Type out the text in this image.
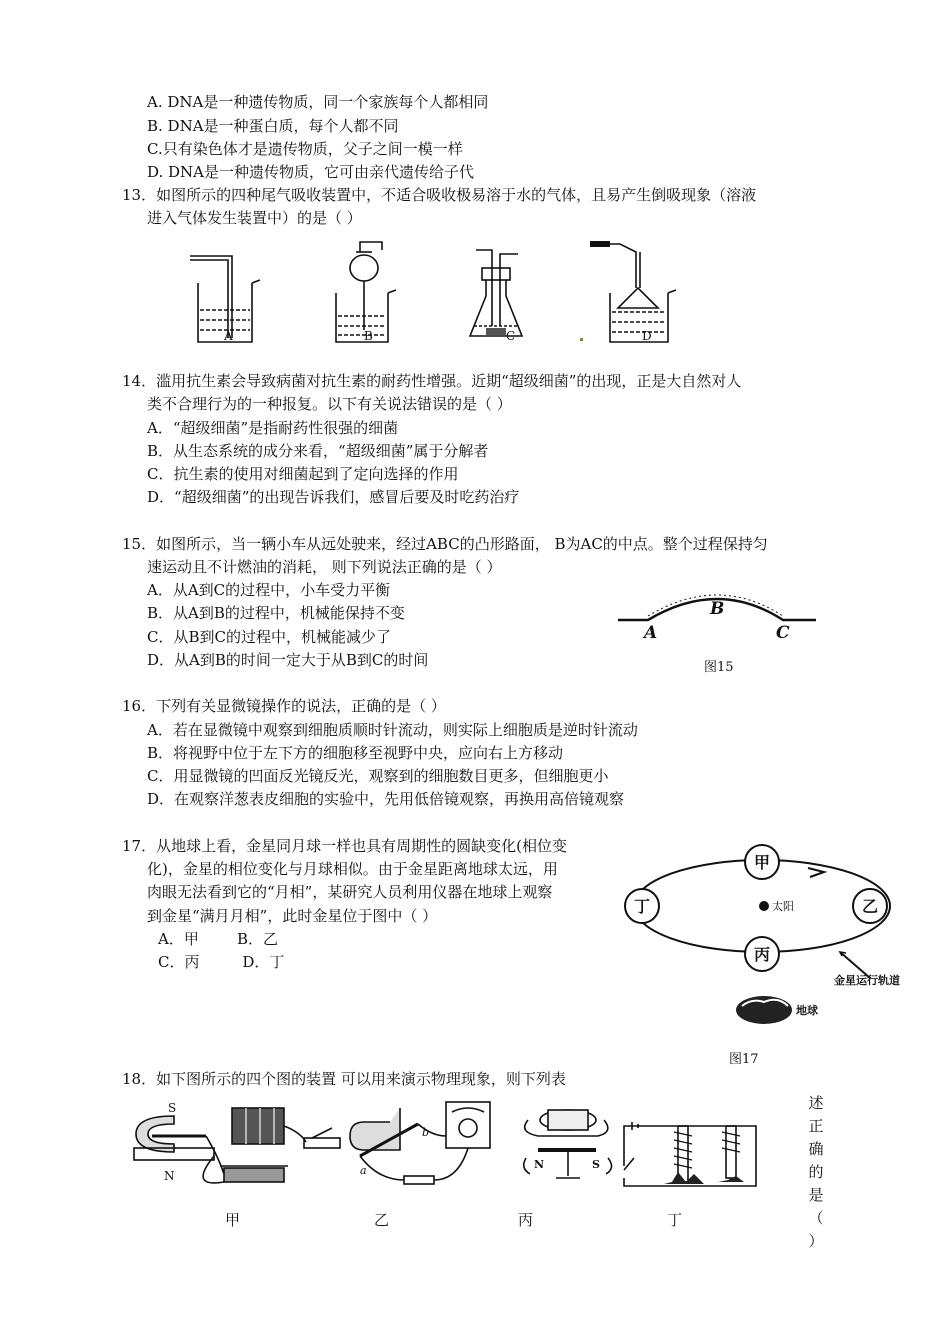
A. DNA是一种遗传物质，同一个家族每个人都相同
B. DNA是一种蛋白质，每个人都不同
C.只有染色体才是遗传物质，父子之间一模一样
D. DNA是一种遗传物质，它可由亲代遗传给子代
13．如图所示的四种尾气吸收装置中，不适合吸收极易溶于水的气体，且易产生倒吸现象（溶液
进入气体发生装置中）的是（ ）
A	B	C	D
14．滥用抗生素会导致病菌对抗生素的耐药性增强。近期“超级细菌”的出现，正是大自然对人
类不合理行为的一种报复。以下有关说法错误的是（ ）
A．“超级细菌”是指耐药性很强的细菌
B．从生态系统的成分来看，“超级细菌”属于分解者
C．抗生素的使用对细菌起到了定向选择的作用
D．“超级细菌”的出现告诉我们，感冒后要及时吃药治疗
15．如图所示，当一辆小车从远处驶来，经过ABC的凸形路面， B为AC的中点。整个过程保持匀
速运动且不计燃油的消耗， 则下列说法正确的是（ ）
A．从A到C的过程中，小车受力平衡
B．从A到B的过程中，机械能保持不变
C．从B到C的过程中，机械能减少了
D．从A到B的时间一定大于从B到C的时间
A
B
C
图15
16．下列有关显微镜操作的说法，正确的是（ ）
A．若在显微镜中观察到细胞质顺时针流动，则实际上细胞质是逆时针流动
B．将视野中位于左下方的细胞移至视野中央，应向右上方移动
C．用显微镜的凹面反光镜反光，观察到的细胞数目更多，但细胞更小
D．在观察洋葱表皮细胞的实验中，先用低倍镜观察，再换用高倍镜观察
17．从地球上看，金星同月球一样也具有周期性的圆缺变化(相位变
化)，金星的相位变化与月球相似。由于金星距离地球太远，用
肉眼无法看到它的“月相”，某研究人员利用仪器在地球上观察
到金星“满月月相”，此时金星位于图中（ ）
A．甲        B．乙
C．丙         D．丁
甲
乙
丙
丁	太阳
金星运行轨道
地球
图17
18．如下图所示的四个图的装置 可以用来演示物理现象，则下列表
S
N	a
b
N	S
甲	乙	丙	丁
述
正
确
的
是
（
）
